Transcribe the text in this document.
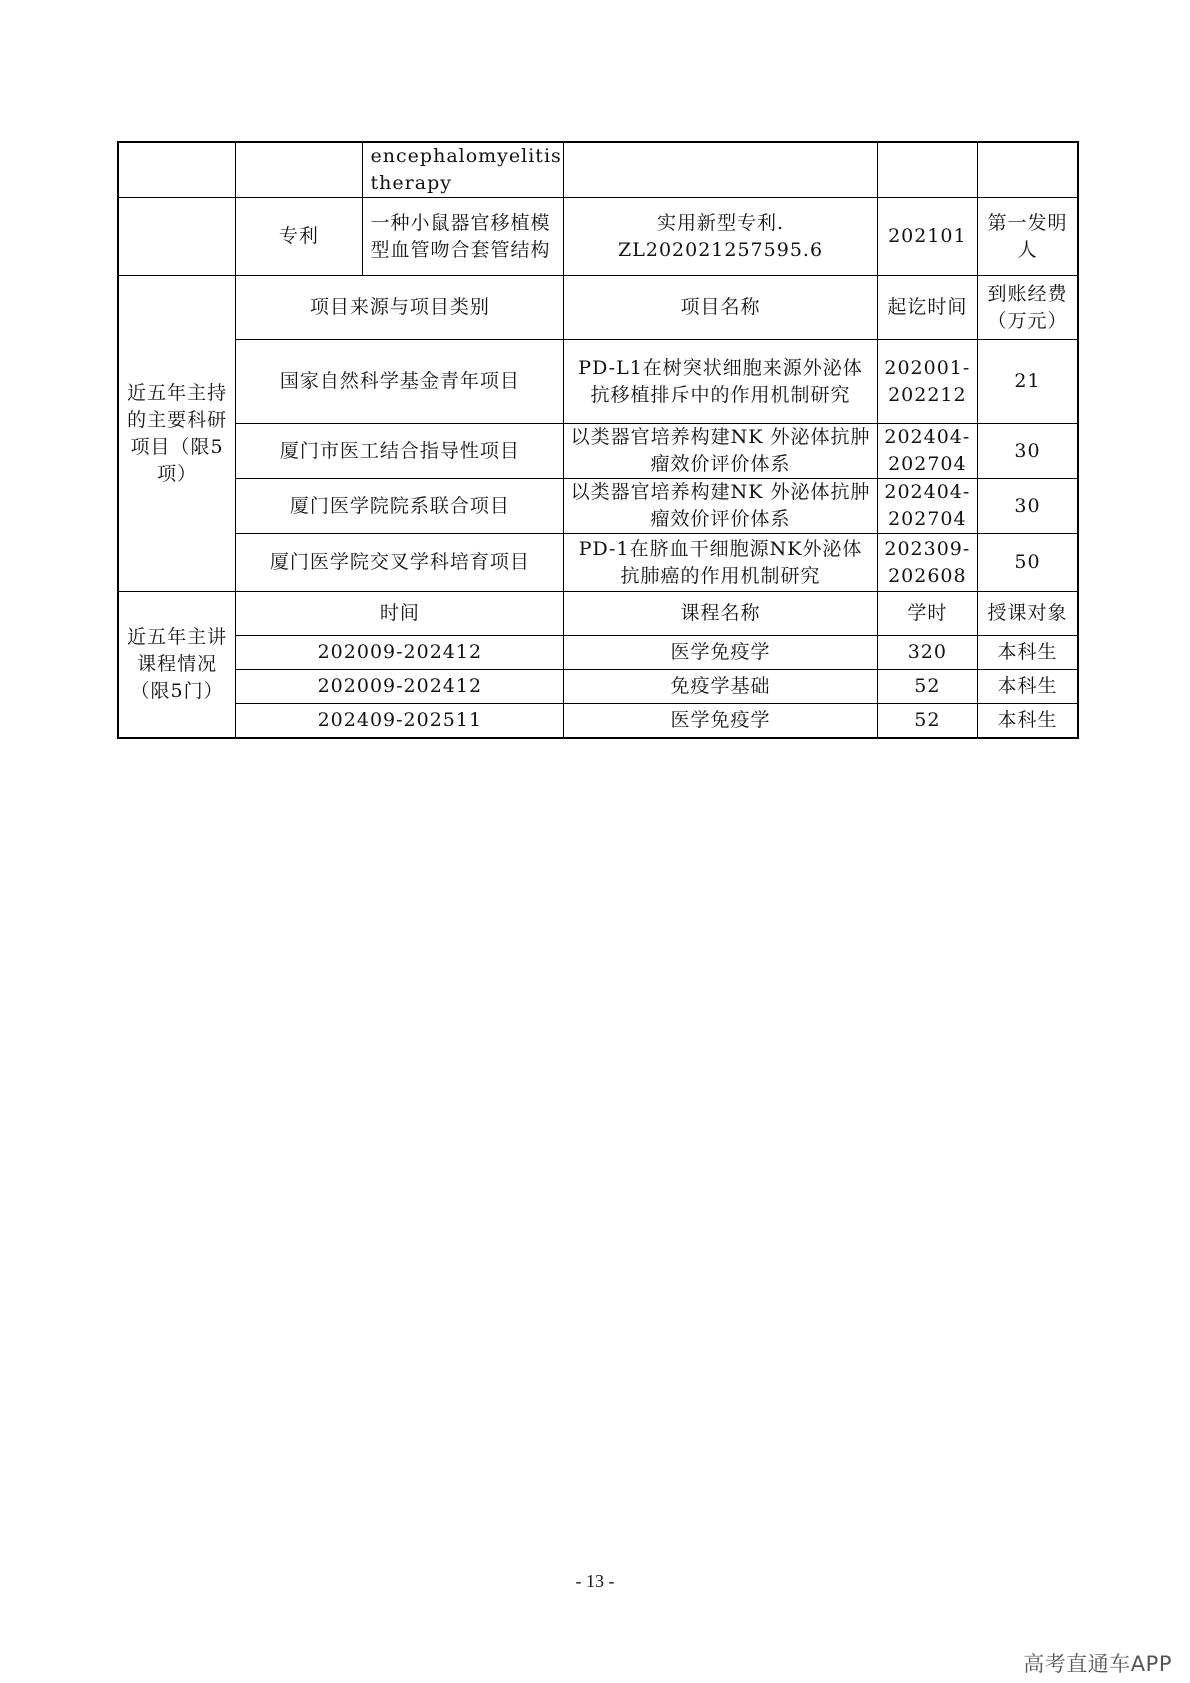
		encephalomyelitis therapy			
	专利	一种小鼠器官移植模型血管吻合套管结构	实用新型专利. ZL202021257595.6	202101	第一发明人
近五年主持的主要科研项目（限5项）	项目来源与项目类别		项目名称	起讫时间	到账经费（万元）
	国家自然科学基金青年项目		PD-L1在树突状细胞来源外泌体抗移植排斥中的作用机制研究	202001-202212	21
	厦门市医工结合指导性项目		以类器官培养构建NK 外泌体抗肿瘤效价评价体系	202404-202704	30
	厦门医学院院系联合项目		以类器官培养构建NK 外泌体抗肿瘤效价评价体系	202404-202704	30
	厦门医学院交叉学科培育项目		PD-1在脐血干细胞源NK外泌体抗肺癌的作用机制研究	202309-202608	50
近五年主讲课程情况（限5门）	时间		课程名称	学时	授课对象
	202009-202412		医学免疫学	320	本科生
	202009-202412		免疫学基础	52	本科生
	202409-202511		医学免疫学	52	本科生
- 13 -
高考直通车APP
